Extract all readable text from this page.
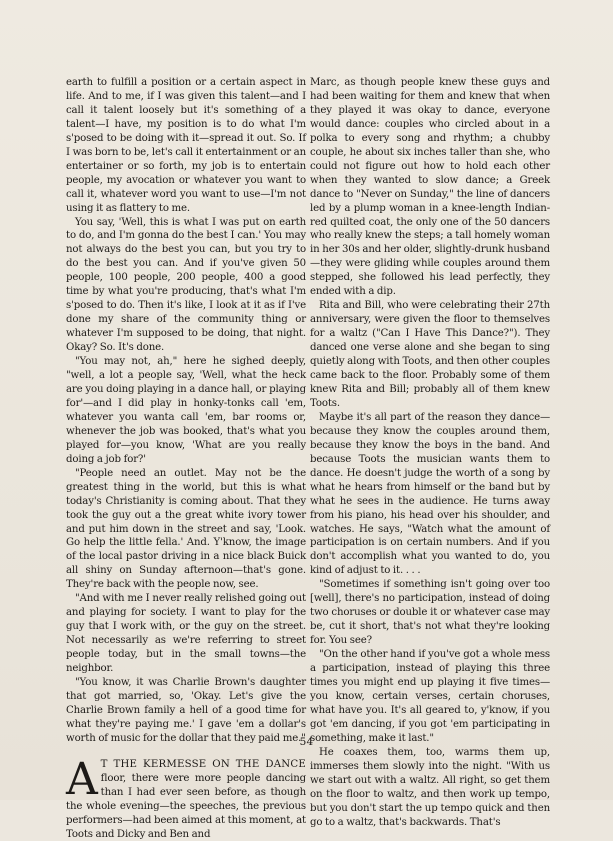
earth to fulfill a position or a certain aspect in life. And to me, if I was given this talent—and I call it talent loosely but it's something of a talent—I have, my position is to do what I'm s'posed to be doing with it—spread it out. So. If I was born to be, let's call it entertainment or an entertainer or so forth, my job is to entertain people, my avocation or whatever you want to call it, whatever word you want to use—I'm not using it as flattery to me.

You say, 'Well, this is what I was put on earth to do, and I'm gonna do the best I can.' You may not always do the best you can, but you try to do the best you can. And if you've given 50 people, 100 people, 200 people, 400 a good time by what you're producing, that's what I'm s'posed to do. Then it's like, I look at it as if I've done my share of the community thing or whatever I'm supposed to be doing, that night. Okay? So. It's done.

"You may not, ah," here he sighed deeply, "well, a lot a people say, 'Well, what the heck are you doing playing in a dance hall, or playing for'—and I did play in honky-tonks call 'em, whatever you wanta call 'em, bar rooms or, whenever the job was booked, that's what you played for—you know, 'What are you really doing a job for?'

"People need an outlet. May not be the greatest thing in the world, but this is what today's Christianity is coming about. That they took the guy out a the great white ivory tower and put him down in the street and say, 'Look. Go help the little fella.' And. Y'know, the image of the local pastor driving in a nice black Buick all shiny on Sunday afternoon—that's gone. They're back with the people now, see.

"And with me I never really relished going out and playing for society. I want to play for the guy that I work with, or the guy on the street. Not necessarily as we're referring to street people today, but in the small towns—the neighbor.

"You know, it was Charlie Brown's daughter that got married, so, 'Okay. Let's give the Charlie Brown family a hell of a good time for what they're paying me.' I gave 'em a dollar's worth of music for the dollar that they paid me."

A T THE KERMESSE ON THE DANCE floor, there were more people dancing than I had ever seen before, as though the whole evening—the speeches, the previous performers—had been aimed at this moment, at Toots and Dicky and Ben and

Marc, as though people knew these guys and had been waiting for them and knew that when they played it was okay to dance, everyone would dance: couples who circled about in a polka to every song and rhythm; a chubby couple, he about six inches taller than she, who could not figure out how to hold each other when they wanted to slow dance; a Greek dance to "Never on Sunday," the line of dancers led by a plump woman in a knee-length Indian-red quilted coat, the only one of the 50 dancers who really knew the steps; a tall homely woman in her 30s and her older, slightly-drunk husband—they were gliding while couples around them stepped, she followed his lead perfectly, they ended with a dip.

Rita and Bill, who were celebrating their 27th anniversary, were given the floor to themselves for a waltz ("Can I Have This Dance?"). They danced one verse alone and she began to sing quietly along with Toots, and then other couples came back to the floor. Probably some of them knew Rita and Bill; probably all of them knew Toots.

Maybe it's all part of the reason they dance—because they know the couples around them, because they know the boys in the band. And because Toots the musician wants them to dance. He doesn't judge the worth of a song by what he hears from himself or the band but by what he sees in the audience. He turns away from his piano, his head over his shoulder, and watches. He says, "Watch what the amount of participation is on certain numbers. And if you don't accomplish what you wanted to do, you kind of adjust to it. . . .

"Sometimes if something isn't going over too [well], there's no participation, instead of doing two choruses or double it or whatever case may be, cut it short, that's not what they're looking for. You see?

"On the other hand if you've got a whole mess a participation, instead of playing this three times you might end up playing it five times—you know, certain verses, certain choruses, what have you. It's all geared to, y'know, if you got 'em dancing, if you got 'em participating in something, make it last."

He coaxes them, too, warms them up, immerses them slowly into the night. "With us we start out with a waltz. All right, so get them on the floor to waltz, and then work up tempo, but you don't start the up tempo quick and then go to a waltz, that's backwards. That's

54
